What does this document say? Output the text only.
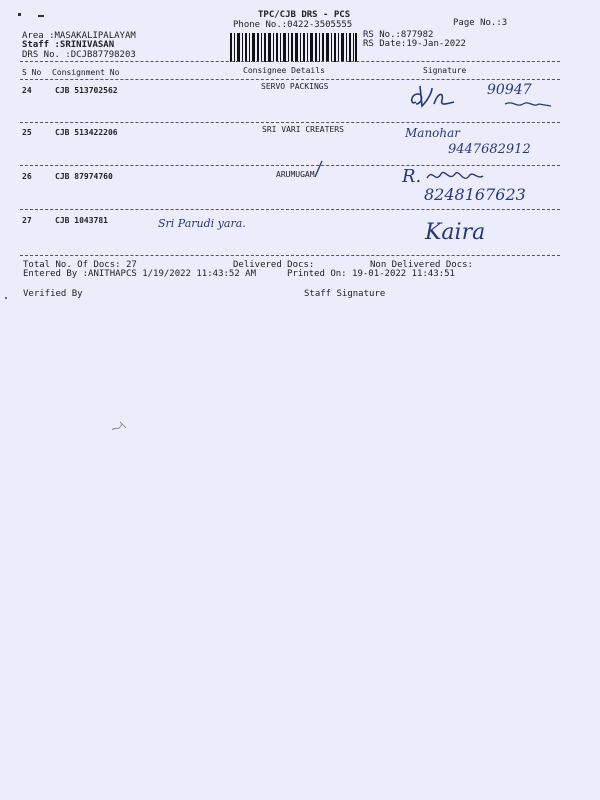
TPC/CJB DRS - PCS
Phone No.:0422-3505555	Page No.:3
Area :MASAKALIPALAYAM
Staff :SRINIVASAN
DRS No. :DCJB87798203
RS No.:877982
RS Date:19-Jan-2022
S No Consignment No	Consignee Details	Signature
24	CJB 513702562	SERVO PACKINGS	90947
25	CJB 513422206	SRI VARI CREATERS	Manohar
9447682912
26	CJB 87974760	ARUMUGAM	R.
8248167623
27	CJB 1043781	Sri Parudi yara.	Kaira
Total No. Of Docs: 27	Delivered Docs:	Non Delivered Docs:
Entered By :ANITHAPCS 1/19/2022 11:43:52 AM	Printed On: 19-01-2022 11:43:51
Verified By	Staff Signature
